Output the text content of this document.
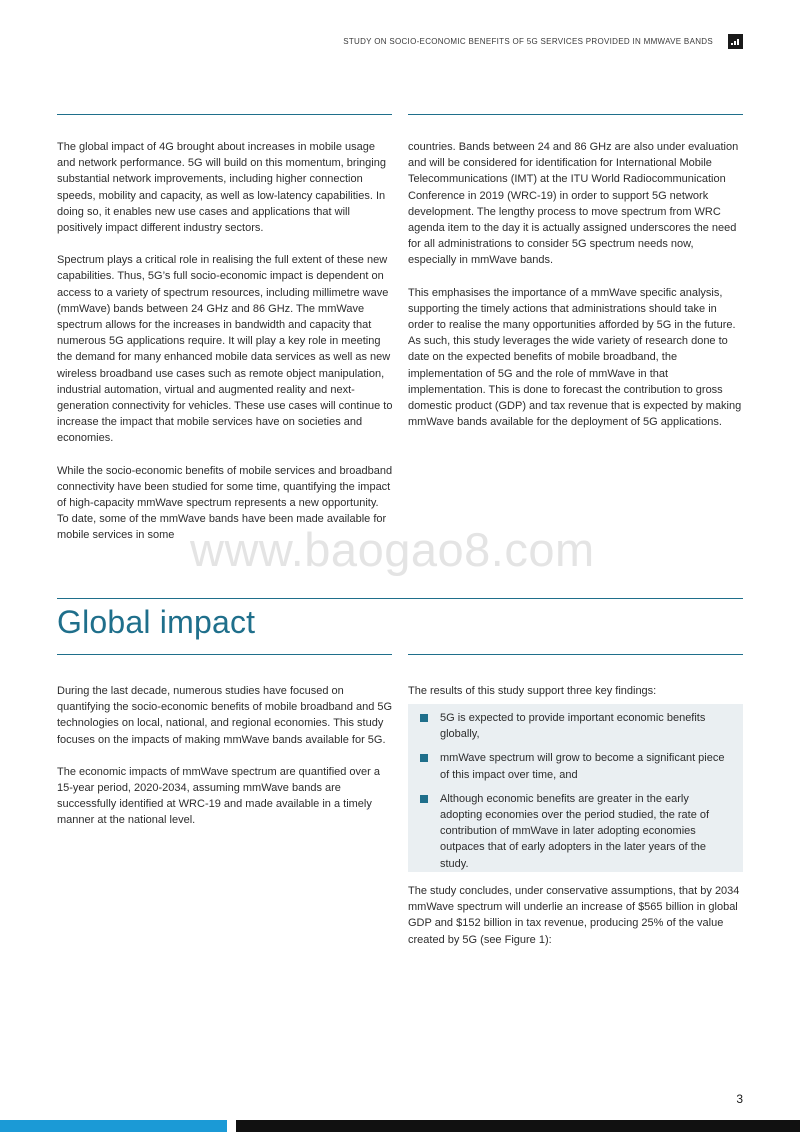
STUDY ON SOCIO-ECONOMIC BENEFITS OF 5G SERVICES PROVIDED IN MMWAVE BANDS

The global impact of 4G brought about increases in mobile usage and network performance. 5G will build on this momentum, bringing substantial network improvements, including higher connection speeds, mobility and capacity, as well as low-latency capabilities. In doing so, it enables new use cases and applications that will positively impact different industry sectors.

Spectrum plays a critical role in realising the full extent of these new capabilities. Thus, 5G’s full socio-economic impact is dependent on access to a variety of spectrum resources, including millimetre wave (mmWave) bands between 24 GHz and 86 GHz. The mmWave spectrum allows for the increases in bandwidth and capacity that numerous 5G applications require. It will play a key role in meeting the demand for many enhanced mobile data services as well as new wireless broadband use cases such as remote object manipulation, industrial automation, virtual and augmented reality and next-generation connectivity for vehicles. These use cases will continue to increase the impact that mobile services have on societies and economies.

While the socio-economic benefits of mobile services and broadband connectivity have been studied for some time, quantifying the impact of high-capacity mmWave spectrum represents a new opportunity. To date, some of the mmWave bands have been made available for mobile services in some

countries. Bands between 24 and 86 GHz are also under evaluation and will be considered for identification for International Mobile Telecommunications (IMT) at the ITU World Radiocommunication Conference in 2019 (WRC-19) in order to support 5G network development. The lengthy process to move spectrum from WRC agenda item to the day it is actually assigned underscores the need for all administrations to consider 5G spectrum needs now, especially in mmWave bands.

This emphasises the importance of a mmWave specific analysis, supporting the timely actions that administrations should take in order to realise the many opportunities afforded by 5G in the future. As such, this study leverages the wide variety of research done to date on the expected benefits of mobile broadband, the implementation of 5G and the role of mmWave in that implementation. This is done to forecast the contribution to gross domestic product (GDP) and tax revenue that is expected by making mmWave bands available for the deployment of 5G applications.

www.baogao8.com
Global impact

During the last decade, numerous studies have focused on quantifying the socio-economic benefits of mobile broadband and 5G technologies on local, national, and regional economies. This study focuses on the impacts of making mmWave bands available for 5G.

The economic impacts of mmWave spectrum are quantified over a 15-year period, 2020-2034, assuming mmWave bands are successfully identified at WRC-19 and made available in a timely manner at the national level.

The results of this study support three key findings:
5G is expected to provide important economic benefits globally,
mmWave spectrum will grow to become a significant piece of this impact over time, and
Although economic benefits are greater in the early adopting economies over the period studied, the rate of contribution of mmWave in later adopting economies outpaces that of early adopters in the later years of the study.
The study concludes, under conservative assumptions, that by 2034 mmWave spectrum will underlie an increase of $565 billion in global GDP and $152 billion in tax revenue, producing 25% of the value created by 5G (see Figure 1):
3
